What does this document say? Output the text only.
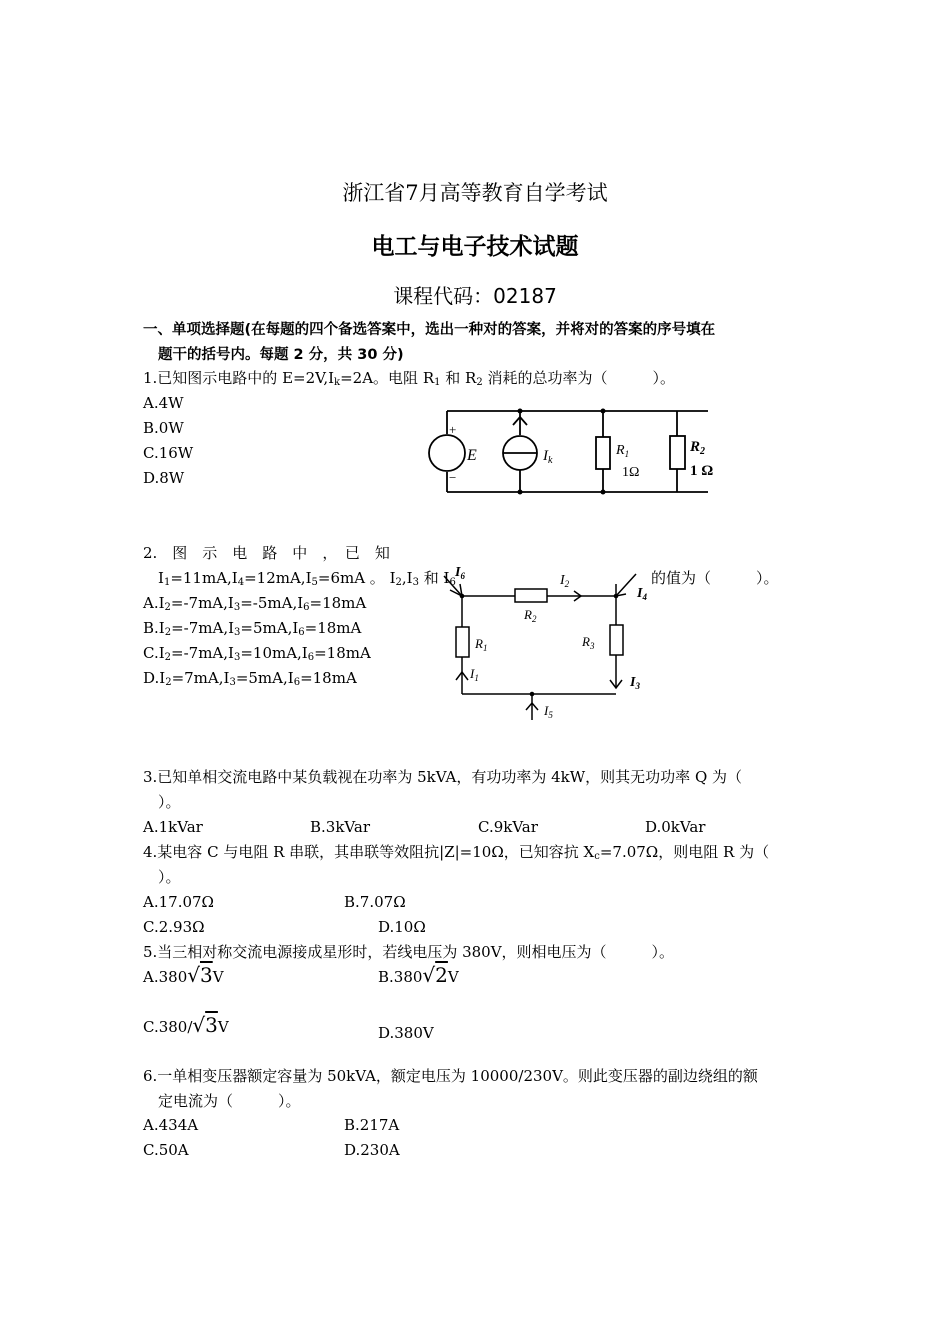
浙江省7月高等教育自学考试
电工与电子技术试题
课程代码：02187
一、单项选择题(在每题的四个备选答案中，选出一种对的答案，并将对的答案的序号填在
题干的括号内。每题 2 分，共 30 分)
1.已知图示电路中的 $E=2V,I_k=2A$。电阻 $R_1$ 和 $R_2$ 消耗的总功率为（　　　）。
A.4W
B.0W
C.16W
D.8W
+
−
E	$I_k$
$R_1$
1Ω
$R_2$
1 Ω
2.　图　示　电　路　中　，　已　知
$I_1=11mA,I_4=12mA,I_5=6mA$ 。 $I_2,I_3$ 和 $I_6$	的值为（　　　）。
$A.I_2=-7mA,I_3=-5mA,I_6=18mA$
$B.I_2=-7mA,I_3=5mA,I_6=18mA$
$C.I_2=-7mA,I_3=10mA,I_6=18mA$
$D.I_2=7mA,I_3=5mA,I_6=18mA$
$I_6$	$I_2$
$I_4$
$R_2$
$R_1$	$R_3$
$I_1$	$I_3$
$I_5$
3.已知单相交流电路中某负载视在功率为 5kVA，有功功率为 4kW，则其无功功率 Q 为（
）。
A.1kVar	B.3kVar	C.9kVar	D.0kVar
4.某电容 C 与电阻 R 串联，其串联等效阻抗|Z|=10Ω，已知容抗 $X_c=7.07\Omega$，则电阻 R 为（
）。
A.17.07Ω	B.7.07Ω
C.2.93Ω	D.10Ω
5.当三相对称交流电源接成星形时，若线电压为 380V，则相电压为（　　　）。
A.380√3V	B.380√2V
C.380/√3V	D.380V
6.一单相变压器额定容量为 50kVA，额定电压为 10000/230V。则此变压器的副边绕组的额
定电流为（　　　）。
A.434A	B.217A
C.50A	D.230A
